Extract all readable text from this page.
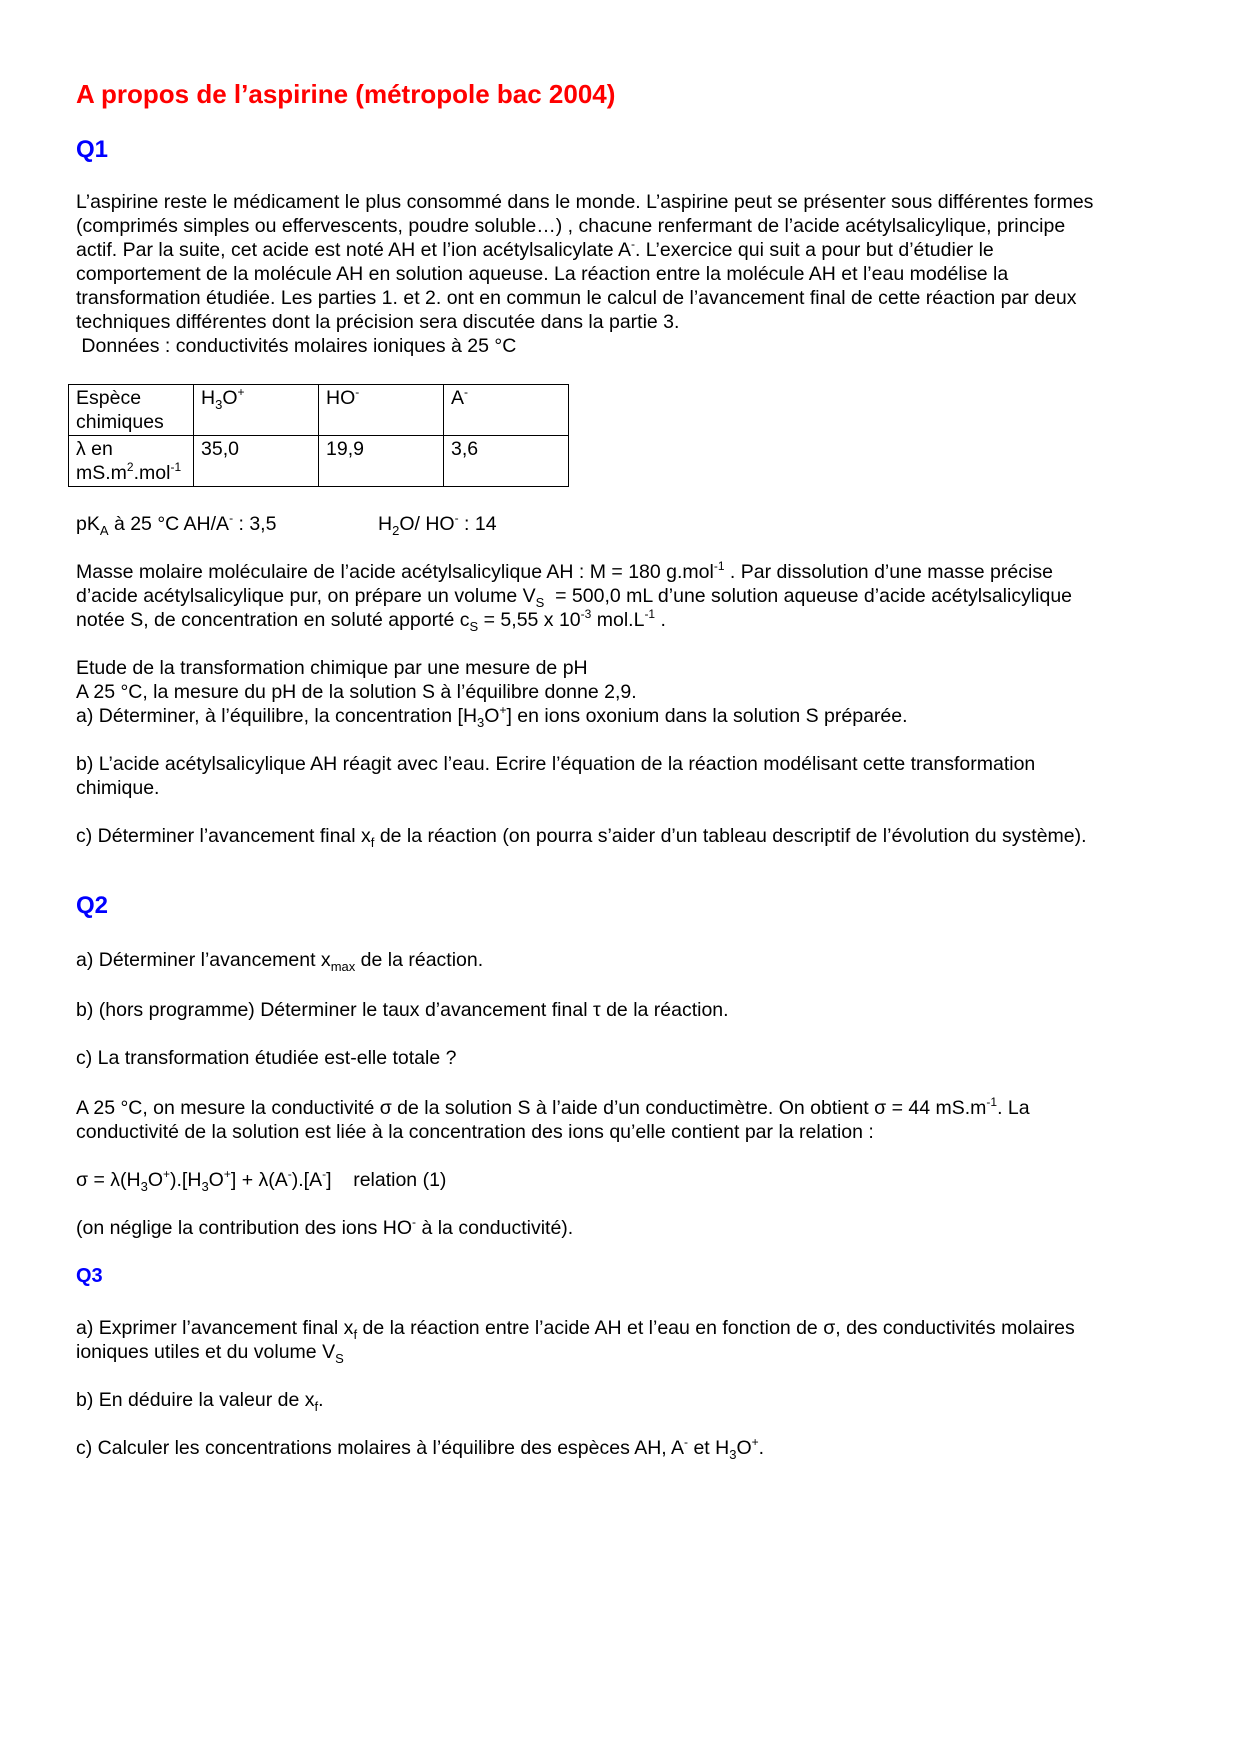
A propos de l’aspirine (métropole bac 2004)
Q1
L’aspirine reste le médicament le plus consommé dans le monde. L’aspirine peut se présenter sous différentes formes
(comprimés simples ou effervescents, poudre soluble…) , chacune renfermant de l’acide acétylsalicylique, principe
actif. Par la suite, cet acide est noté AH et l’ion acétylsalicylate A-. L’exercice qui suit a pour but d’étudier le
comportement de la molécule AH en solution aqueuse. La réaction entre la molécule AH et l’eau modélise la
transformation étudiée. Les parties 1. et 2. ont en commun le calcul de l’avancement final de cette réaction par deux
techniques différentes dont la précision sera discutée dans la partie 3.
Données : conductivités molaires ioniques à 25 °C
Espèce
chimiques	$H_3O^+$	HO-	A-
λ en
$mS.m^2.mol^{-1}$	35,0	19,9	3,6
$pK_A$ à 25 °C AH/A- : 3,5	$H_2O/$ HO- : 14
Masse molaire moléculaire de l’acide acétylsalicylique AH : M = 180 g.mol$^{-1}$ . Par dissolution d’une masse précise
d’acide acétylsalicylique pur, on prépare un volume $V_S = 500,0$ mL d’une solution aqueuse d’acide acétylsalicylique
notée S, de concentration en soluté apporté $c_S = 5,55$ x $10^{-3}$ $mol.L^{-1}$ .
Etude de la transformation chimique par une mesure de pH
A 25 °C, la mesure du pH de la solution S à l’équilibre donne 2,9.
a) Déterminer, à l’équilibre, la concentration $[H_3O^+]$ en ions oxonium dans la solution S préparée.
b) L’acide acétylsalicylique AH réagit avec l’eau. Ecrire l’équation de la réaction modélisant cette transformation
chimique.
c) Déterminer l’avancement final $x_f$ de la réaction (on pourra s’aider d’un tableau descriptif de l’évolution du système).
Q2
a) Déterminer l’avancement $x_{max}$ de la réaction.
b) (hors programme) Déterminer le taux d’avancement final τ de la réaction.
c) La transformation étudiée est-elle totale ?
A 25 °C, on mesure la conductivité σ de la solution S à l’aide d’un conductimètre. On obtient σ = 44 $mS.m^{-1}$. La
conductivité de la solution est liée à la concentration des ions qu’elle contient par la relation :
$\sigma = \lambda(H_3O^+).[H_3O^+] + \lambda(A^-).[A^-]$    relation (1)
(on néglige la contribution des ions HO- à la conductivité).
Q3
a) Exprimer l’avancement final $x_f$ de la réaction entre l’acide AH et l’eau en fonction de σ, des conductivités molaires
ioniques utiles et du volume $V_S$
b) En déduire la valeur de $x_f$.
c) Calculer les concentrations molaires à l’équilibre des espèces AH, A- et $H_3O^+$.
